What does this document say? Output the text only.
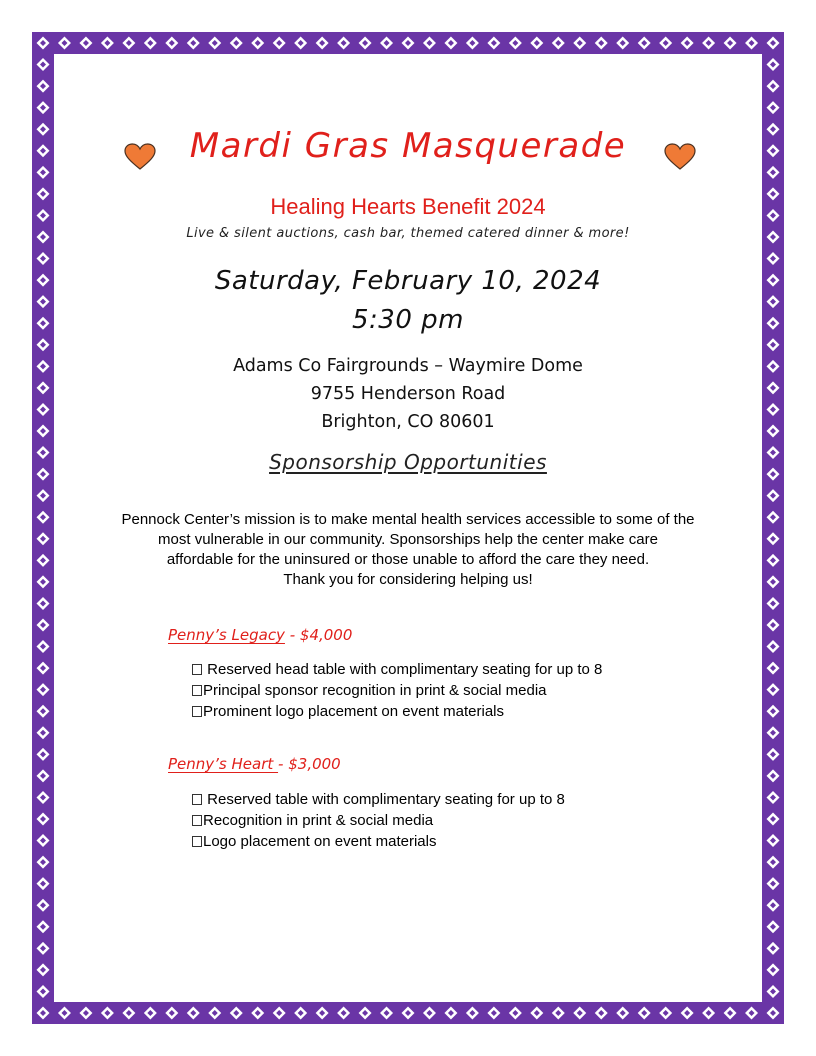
Mardi Gras Masquerade
Healing Hearts Benefit 2024
Live & silent auctions, cash bar, themed catered dinner & more!
Saturday, February 10, 2024
5:30 pm
Adams Co Fairgrounds – Waymire Dome
9755 Henderson Road
Brighton, CO 80601
Sponsorship Opportunities
Pennock Center’s mission is to make mental health services accessible to some of the
most vulnerable in our community. Sponsorships help the center make care
affordable for the uninsured or those unable to afford the care they need.
Thank you for considering helping us!
Penny’s Legacy - $4,000
Reserved head table with complimentary seating for up to 8
Principal sponsor recognition in print & social media
Prominent logo placement on event materials
Penny’s Heart - $3,000
Reserved table with complimentary seating for up to 8
Recognition in print & social media
Logo placement on event materials
